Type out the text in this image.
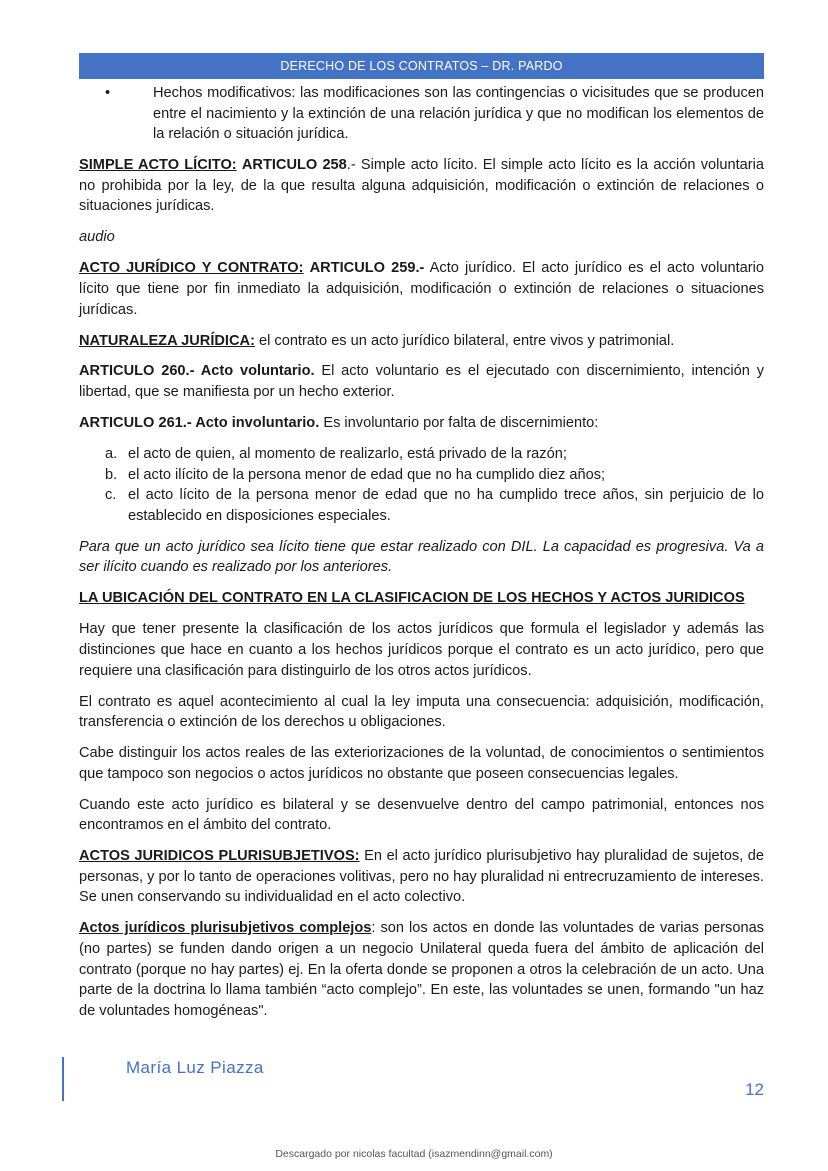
DERECHO DE LOS CONTRATOS – DR. PARDO
•	Hechos modificativos: las modificaciones son las contingencias o vicisitudes que se producen entre el nacimiento y la extinción de una relación jurídica y que no modifican los elementos de la relación o situación jurídica.

SIMPLE ACTO LÍCITO: ARTICULO 258.- Simple acto lícito. El simple acto lícito es la acción voluntaria no prohibida por la ley, de la que resulta alguna adquisición, modificación o extinción de relaciones o situaciones jurídicas.

audio

ACTO JURÍDICO Y CONTRATO: ARTICULO 259.- Acto jurídico. El acto jurídico es el acto voluntario lícito que tiene por fin inmediato la adquisición, modificación o extinción de relaciones o situaciones jurídicas.

NATURALEZA JURÍDICA: el contrato es un acto jurídico bilateral, entre vivos y patrimonial.

ARTICULO 260.- Acto voluntario. El acto voluntario es el ejecutado con discernimiento, intención y libertad, que se manifiesta por un hecho exterior.

ARTICULO 261.- Acto involuntario. Es involuntario por falta de discernimiento:

a. el acto de quien, al momento de realizarlo, está privado de la razón;
b. el acto ilícito de la persona menor de edad que no ha cumplido diez años;
c. el acto lícito de la persona menor de edad que no ha cumplido trece años, sin perjuicio de lo establecido en disposiciones especiales.

Para que un acto jurídico sea lícito tiene que estar realizado con DIL. La capacidad es progresiva. Va a ser ilícito cuando es realizado por los anteriores.

LA UBICACIÓN DEL CONTRATO EN LA CLASIFICACION DE LOS HECHOS Y ACTOS JURIDICOS

Hay que tener presente la clasificación de los actos jurídicos que formula el legislador y además las distinciones que hace en cuanto a los hechos jurídicos porque el contrato es un acto jurídico, pero que requiere una clasificación para distinguirlo de los otros actos jurídicos.

El contrato es aquel acontecimiento al cual la ley imputa una consecuencia: adquisición, modificación, transferencia o extinción de los derechos u obligaciones.

Cabe distinguir los actos reales de las exteriorizaciones de la voluntad, de conocimientos o sentimientos que tampoco son negocios o actos jurídicos no obstante que poseen consecuencias legales.

Cuando este acto jurídico es bilateral y se desenvuelve dentro del campo patrimonial, entonces nos encontramos en el ámbito del contrato.

ACTOS JURIDICOS PLURISUBJETIVOS: En el acto jurídico plurisubjetivo hay pluralidad de sujetos, de personas, y por lo tanto de operaciones volitivas, pero no hay pluralidad ni entrecruzamiento de intereses. Se unen conservando su individualidad en el acto colectivo.

Actos jurídicos plurisubjetivos complejos: son los actos en donde las voluntades de varias personas (no partes) se funden dando origen a un negocio Unilateral queda fuera del ámbito de aplicación del contrato (porque no hay partes) ej. En la oferta donde se proponen a otros la celebración de un acto. Una parte de la doctrina lo llama también “acto complejo”. En este, las voluntades se unen, formando "un haz de voluntades homogéneas".

María Luz Piazza
12
Descargado por nicolas facultad (isazmendinn@gmail.com)
